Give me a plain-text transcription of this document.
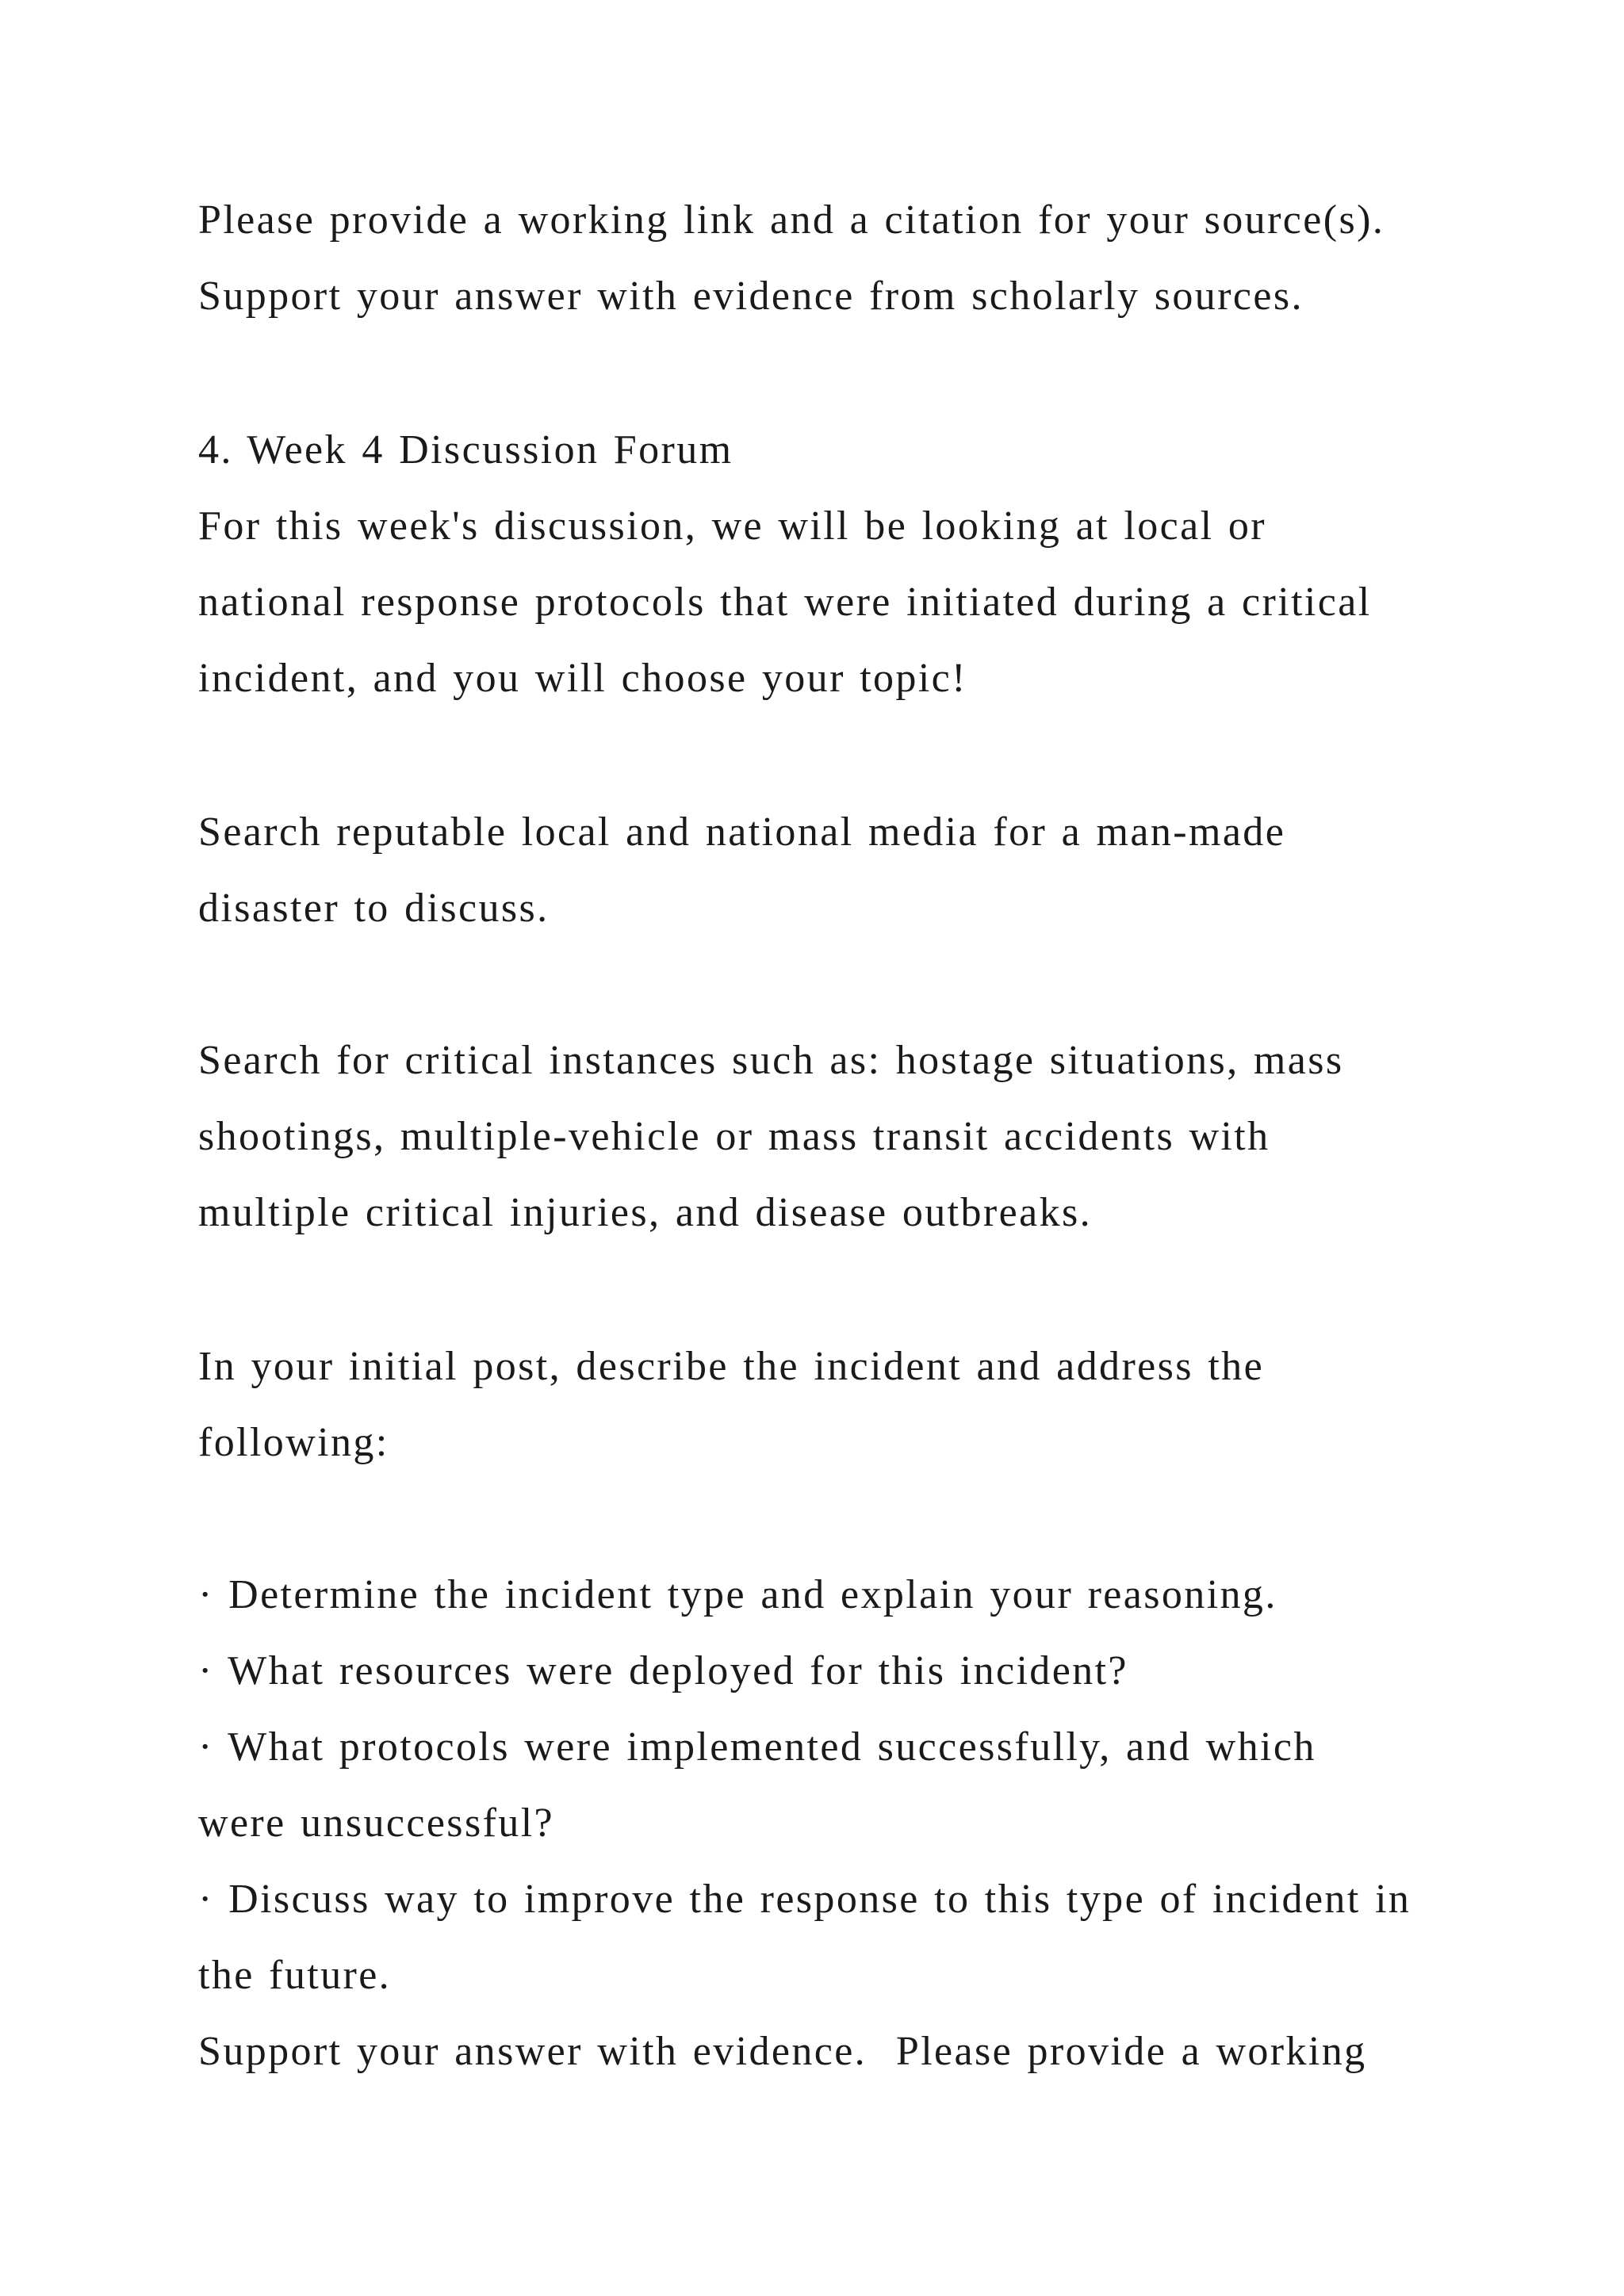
Please provide a working link and a citation for your source(s).
Support your answer with evidence from scholarly sources.
4. Week 4 Discussion Forum
For this week's discussion, we will be looking at local or
national response protocols that were initiated during a critical
incident, and you will choose your topic!
Search reputable local and national media for a man-made
disaster to discuss.
Search for critical instances such as: hostage situations, mass
shootings, multiple-vehicle or mass transit accidents with
multiple critical injuries, and disease outbreaks.
In your initial post, describe the incident and address the
following:
· Determine the incident type and explain your reasoning.
· What resources were deployed for this incident?
· What protocols were implemented successfully, and which
were unsuccessful?
· Discuss way to improve the response to this type of incident in
the future.
Support your answer with evidence.  Please provide a working
